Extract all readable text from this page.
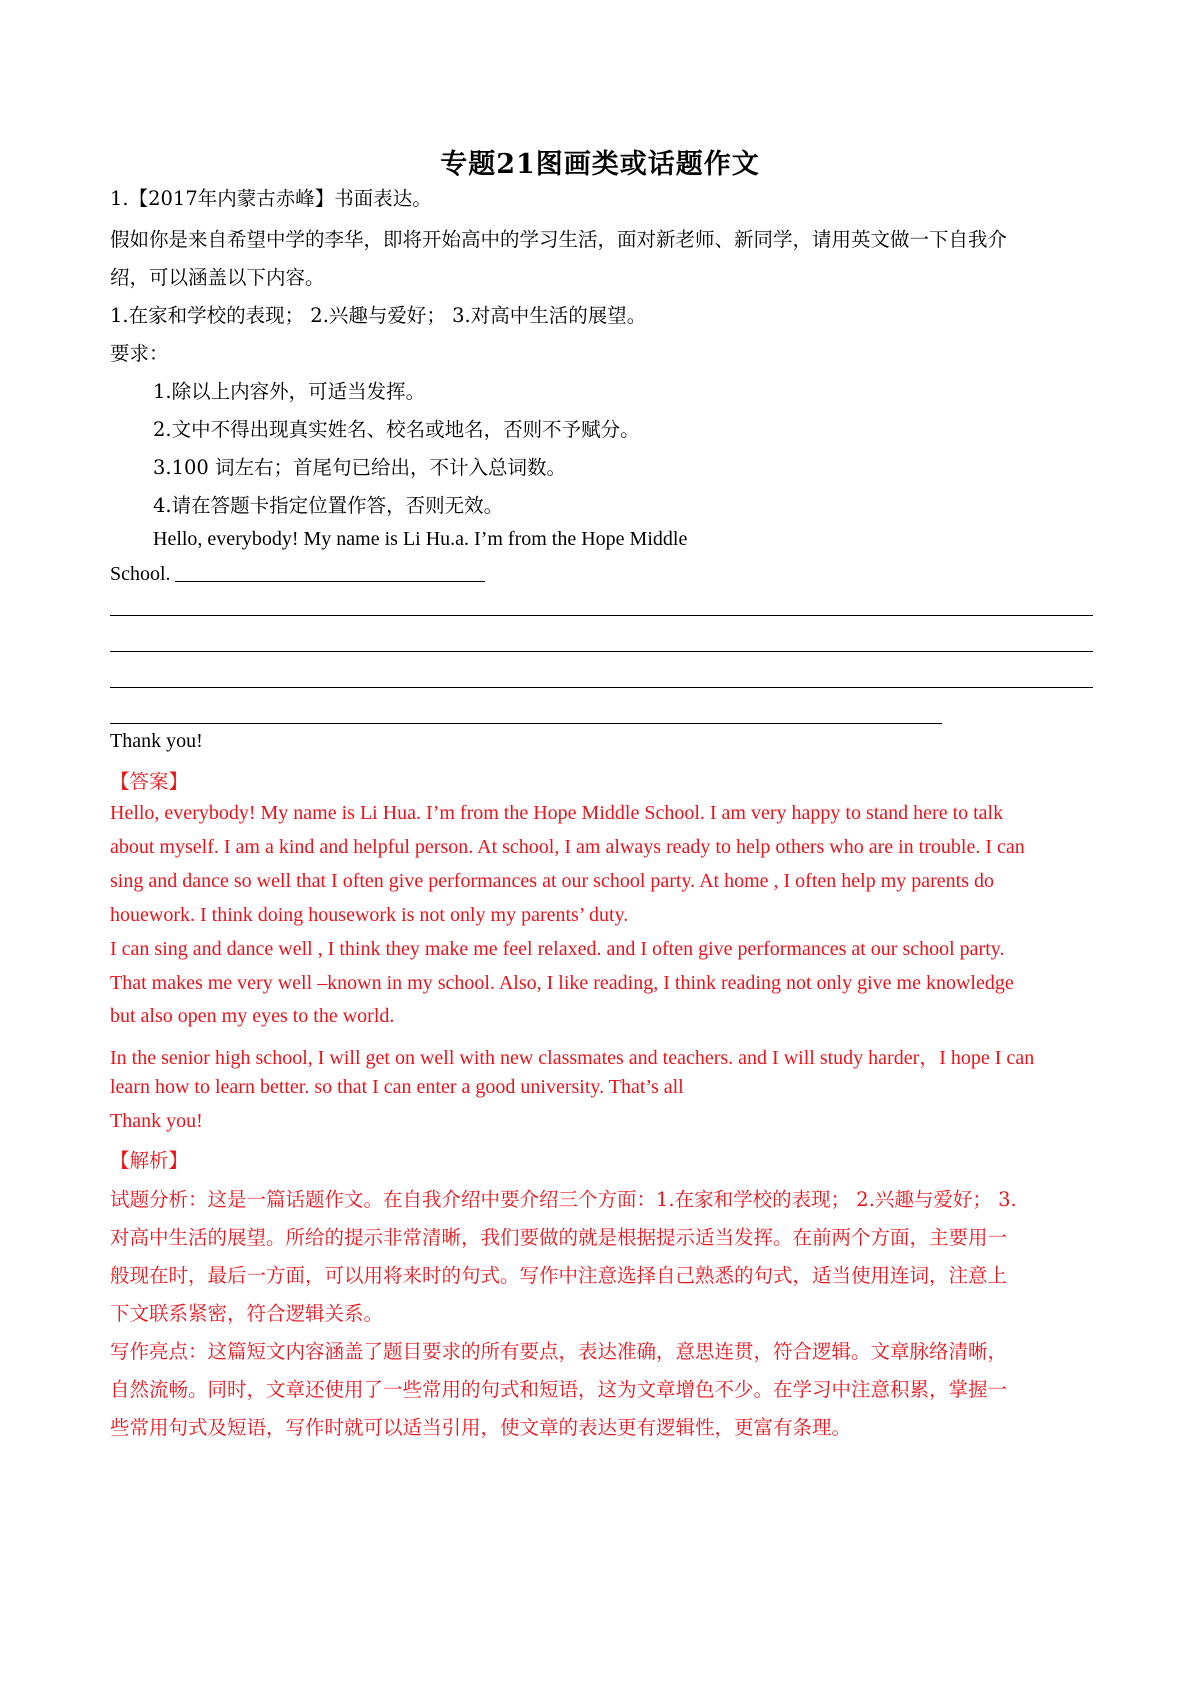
专题21图画类或话题作文
1.【2017年内蒙古赤峰】书面表达。
假如你是来自希望中学的李华，即将开始高中的学习生活，面对新老师、新同学，请用英文做一下自我介
绍，可以涵盖以下内容。
1.在家和学校的表现； 2.兴趣与爱好； 3.对高中生活的展望。
要求：
1.除以上内容外，可适当发挥。
2.文中不得出现真实姓名、校名或地名，否则不予赋分。
3.100 词左右；首尾句已给出，不计入总词数。
4.请在答题卡指定位置作答，否则无效。
Hello, everybody! My name is Li Hu.a. I’m from the Hope Middle
School.
Thank you!
【答案】
Hello, everybody! My name is Li Hua. I’m from the Hope Middle School. I am very happy to stand here to talk
about myself. I am a kind and helpful person. At school, I am always ready to help others who are in trouble. I can
sing and dance so well that I often give performances at our school party. At home , I often help my parents do
houework. I think doing housework is not only my parents’ duty.
I can sing and dance well , I think they make me feel relaxed. and I often give performances at our school party.
That makes me very well –known in my school. Also, I like reading, I think reading not only give me knowledge
but also open my eyes to the world.
In the senior high school, I will get on well with new classmates and teachers. and I will study harder，I hope I can
learn how to learn better. so that I can enter a good university. That’s all
Thank you!
【解析】
试题分析：这是一篇话题作文。在自我介绍中要介绍三个方面：1.在家和学校的表现； 2.兴趣与爱好； 3.
对高中生活的展望。所给的提示非常清晰，我们要做的就是根据提示适当发挥。在前两个方面，主要用一
般现在时，最后一方面，可以用将来时的句式。写作中注意选择自己熟悉的句式，适当使用连词，注意上
下文联系紧密，符合逻辑关系。
写作亮点：这篇短文内容涵盖了题目要求的所有要点，表达准确，意思连贯，符合逻辑。文章脉络清晰，
自然流畅。同时，文章还使用了一些常用的句式和短语，这为文章增色不少。在学习中注意积累，掌握一
些常用句式及短语，写作时就可以适当引用，使文章的表达更有逻辑性，更富有条理。
